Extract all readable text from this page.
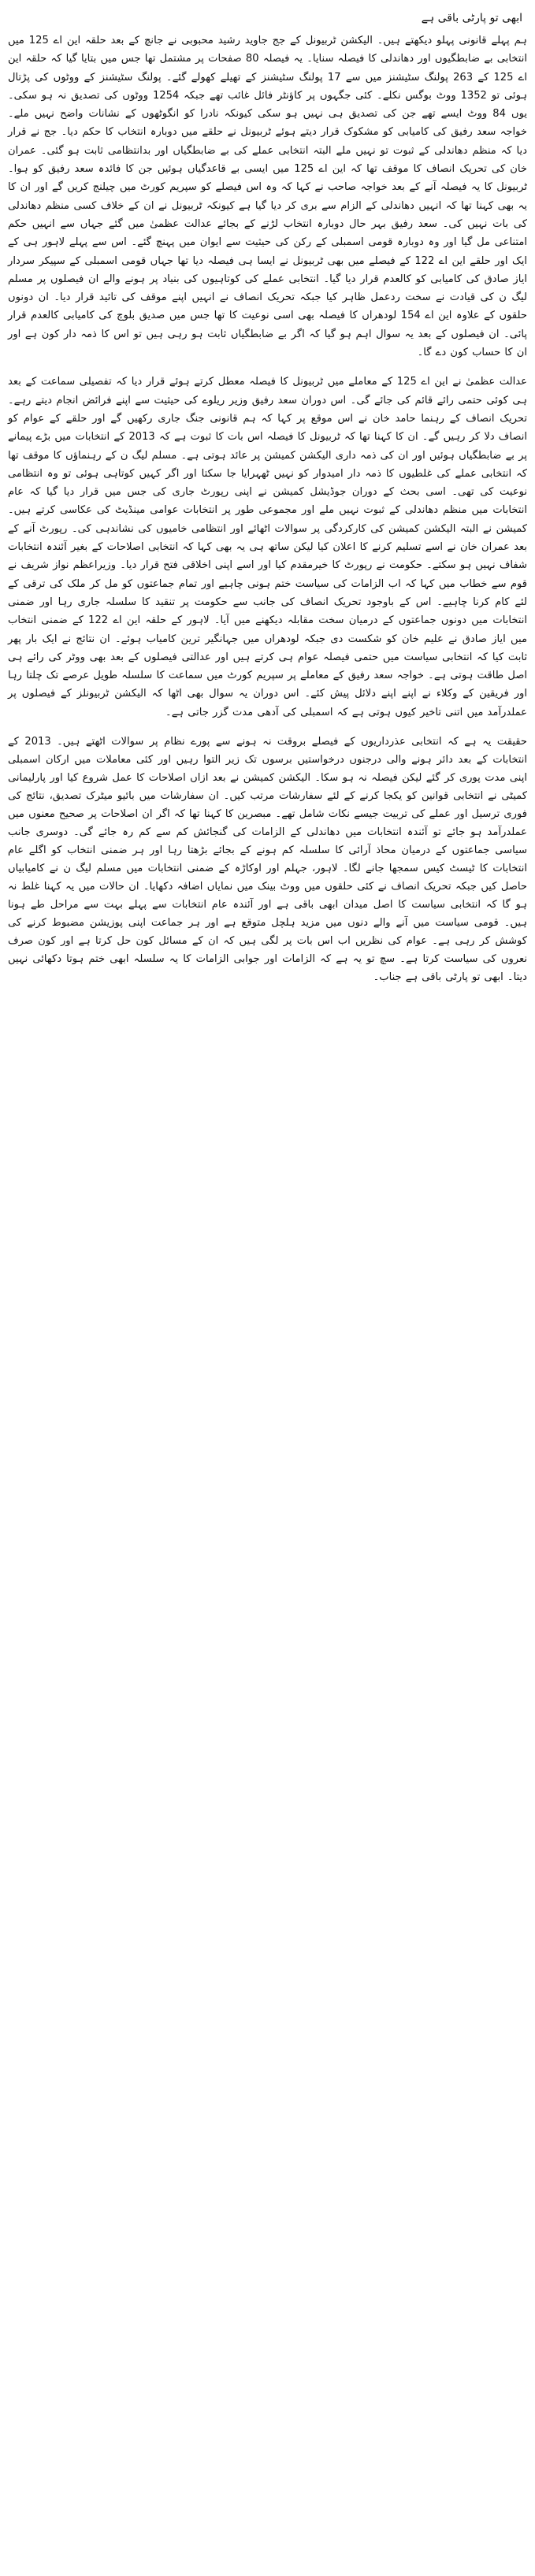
ابھی تو پارٹی باقی ہے

ہم پہلے قانونی پہلو دیکھتے ہیں۔ الیکشن ٹربیونل کے جج جاوید رشید محبوبی نے جانچ کے بعد حلقہ این اے 125 میں انتخابی بے ضابطگیوں اور دھاندلی کا فیصلہ سنایا۔ یہ فیصلہ 80 صفحات پر مشتمل تھا جس میں بتایا گیا کہ حلقہ این اے 125 کے 263 پولنگ سٹیشنز میں سے 17 پولنگ سٹیشنز کے تھیلے کھولے گئے۔ پولنگ سٹیشنز کے ووٹوں کی پڑتال ہوئی تو 1352 ووٹ بوگس نکلے۔ کئی جگہوں پر کاؤنٹر فائل غائب تھے جبکہ 1254 ووٹوں کی تصدیق نہ ہو سکی۔ یوں 84 ووٹ ایسے تھے جن کی تصدیق ہی نہیں ہو سکی کیونکہ نادرا کو انگوٹھوں کے نشانات واضح نہیں ملے۔ خواجہ سعد رفیق کی کامیابی کو مشکوک قرار دیتے ہوئے ٹربیونل نے حلقے میں دوبارہ انتخاب کا حکم دیا۔ جج نے قرار دیا کہ منظم دھاندلی کے ثبوت تو نہیں ملے البتہ انتخابی عملے کی بے ضابطگیاں اور بدانتظامی ثابت ہو گئی۔ عمران خان کی تحریک انصاف کا موقف تھا کہ این اے 125 میں ایسی بے قاعدگیاں ہوئیں جن کا فائدہ سعد رفیق کو ہوا۔ ٹربیونل کا یہ فیصلہ آنے کے بعد خواجہ صاحب نے کہا کہ وہ اس فیصلے کو سپریم کورٹ میں چیلنج کریں گے اور ان کا یہ بھی کہنا تھا کہ انہیں دھاندلی کے الزام سے بری کر دیا گیا ہے کیونکہ ٹربیونل نے ان کے خلاف کسی منظم دھاندلی کی بات نہیں کی۔ سعد رفیق بہر حال دوبارہ انتخاب لڑنے کے بجائے عدالت عظمیٰ میں گئے جہاں سے انہیں حکم امتناعی مل گیا اور وہ دوبارہ قومی اسمبلی کے رکن کی حیثیت سے ایوان میں پہنچ گئے۔ اس سے پہلے لاہور ہی کے ایک اور حلقے این اے 122 کے فیصلے میں بھی ٹربیونل نے ایسا ہی فیصلہ دیا تھا جہاں قومی اسمبلی کے سپیکر سردار ایاز صادق کی کامیابی کو کالعدم قرار دیا گیا۔ انتخابی عملے کی کوتاہیوں کی بنیاد پر ہونے والے ان فیصلوں پر مسلم لیگ ن کی قیادت نے سخت ردعمل ظاہر کیا جبکہ تحریک انصاف نے انہیں اپنے موقف کی تائید قرار دیا۔ ان دونوں حلقوں کے علاوہ این اے 154 لودھراں کا فیصلہ بھی اسی نوعیت کا تھا جس میں صدیق بلوچ کی کامیابی کالعدم قرار پائی۔ ان فیصلوں کے بعد یہ سوال اہم ہو گیا کہ اگر بے ضابطگیاں ثابت ہو رہی ہیں تو اس کا ذمہ دار کون ہے اور ان کا حساب کون دے گا۔

عدالت عظمیٰ نے این اے 125 کے معاملے میں ٹربیونل کا فیصلہ معطل کرتے ہوئے قرار دیا کہ تفصیلی سماعت کے بعد ہی کوئی حتمی رائے قائم کی جائے گی۔ اس دوران سعد رفیق وزیر ریلوے کی حیثیت سے اپنے فرائض انجام دیتے رہے۔ تحریک انصاف کے رہنما حامد خان نے اس موقع پر کہا کہ ہم قانونی جنگ جاری رکھیں گے اور حلقے کے عوام کو انصاف دلا کر رہیں گے۔ ان کا کہنا تھا کہ ٹربیونل کا فیصلہ اس بات کا ثبوت ہے کہ 2013 کے انتخابات میں بڑے پیمانے پر بے ضابطگیاں ہوئیں اور ان کی ذمہ داری الیکشن کمیشن پر عائد ہوتی ہے۔ مسلم لیگ ن کے رہنماؤں کا موقف تھا کہ انتخابی عملے کی غلطیوں کا ذمہ دار امیدوار کو نہیں ٹھہرایا جا سکتا اور اگر کہیں کوتاہی ہوئی تو وہ انتظامی نوعیت کی تھی۔ اسی بحث کے دوران جوڈیشل کمیشن نے اپنی رپورٹ جاری کی جس میں قرار دیا گیا کہ عام انتخابات میں منظم دھاندلی کے ثبوت نہیں ملے اور مجموعی طور پر انتخابات عوامی مینڈیٹ کی عکاسی کرتے ہیں۔ کمیشن نے البتہ الیکشن کمیشن کی کارکردگی پر سوالات اٹھائے اور انتظامی خامیوں کی نشاندہی کی۔ رپورٹ آنے کے بعد عمران خان نے اسے تسلیم کرنے کا اعلان کیا لیکن ساتھ ہی یہ بھی کہا کہ انتخابی اصلاحات کے بغیر آئندہ انتخابات شفاف نہیں ہو سکتے۔ حکومت نے رپورٹ کا خیرمقدم کیا اور اسے اپنی اخلاقی فتح قرار دیا۔ وزیراعظم نواز شریف نے قوم سے خطاب میں کہا کہ اب الزامات کی سیاست ختم ہونی چاہیے اور تمام جماعتوں کو مل کر ملک کی ترقی کے لئے کام کرنا چاہیے۔ اس کے باوجود تحریک انصاف کی جانب سے حکومت پر تنقید کا سلسلہ جاری رہا اور ضمنی انتخابات میں دونوں جماعتوں کے درمیان سخت مقابلہ دیکھنے میں آیا۔ لاہور کے حلقہ این اے 122 کے ضمنی انتخاب میں ایاز صادق نے علیم خان کو شکست دی جبکہ لودھراں میں جہانگیر ترین کامیاب ہوئے۔ ان نتائج نے ایک بار پھر ثابت کیا کہ انتخابی سیاست میں حتمی فیصلہ عوام ہی کرتے ہیں اور عدالتی فیصلوں کے بعد بھی ووٹر کی رائے ہی اصل طاقت ہوتی ہے۔ خواجہ سعد رفیق کے معاملے پر سپریم کورٹ میں سماعت کا سلسلہ طویل عرصے تک چلتا رہا اور فریقین کے وکلاء نے اپنے اپنے دلائل پیش کئے۔ اس دوران یہ سوال بھی اٹھا کہ الیکشن ٹربیونلز کے فیصلوں پر عملدرآمد میں اتنی تاخیر کیوں ہوتی ہے کہ اسمبلی کی آدھی مدت گزر جاتی ہے۔

حقیقت یہ ہے کہ انتخابی عذرداریوں کے فیصلے بروقت نہ ہونے سے پورے نظام پر سوالات اٹھتے ہیں۔ 2013 کے انتخابات کے بعد دائر ہونے والی درجنوں درخواستیں برسوں تک زیر التوا رہیں اور کئی معاملات میں ارکان اسمبلی اپنی مدت پوری کر گئے لیکن فیصلہ نہ ہو سکا۔ الیکشن کمیشن نے بعد ازاں اصلاحات کا عمل شروع کیا اور پارلیمانی کمیٹی نے انتخابی قوانین کو یکجا کرنے کے لئے سفارشات مرتب کیں۔ ان سفارشات میں بائیو میٹرک تصدیق، نتائج کی فوری ترسیل اور عملے کی تربیت جیسے نکات شامل تھے۔ مبصرین کا کہنا تھا کہ اگر ان اصلاحات پر صحیح معنوں میں عملدرآمد ہو جائے تو آئندہ انتخابات میں دھاندلی کے الزامات کی گنجائش کم سے کم رہ جائے گی۔ دوسری جانب سیاسی جماعتوں کے درمیان محاذ آرائی کا سلسلہ کم ہونے کے بجائے بڑھتا رہا اور ہر ضمنی انتخاب کو اگلے عام انتخابات کا ٹیسٹ کیس سمجھا جانے لگا۔ لاہور، جہلم اور اوکاڑہ کے ضمنی انتخابات میں مسلم لیگ ن نے کامیابیاں حاصل کیں جبکہ تحریک انصاف نے کئی حلقوں میں ووٹ بینک میں نمایاں اضافہ دکھایا۔ ان حالات میں یہ کہنا غلط نہ ہو گا کہ انتخابی سیاست کا اصل میدان ابھی باقی ہے اور آئندہ عام انتخابات سے پہلے بہت سے مراحل طے ہونا ہیں۔ قومی سیاست میں آنے والے دنوں میں مزید ہلچل متوقع ہے اور ہر جماعت اپنی پوزیشن مضبوط کرنے کی کوشش کر رہی ہے۔ عوام کی نظریں اب اس بات پر لگی ہیں کہ ان کے مسائل کون حل کرتا ہے اور کون صرف نعروں کی سیاست کرتا ہے۔ سچ تو یہ ہے کہ الزامات اور جوابی الزامات کا یہ سلسلہ ابھی ختم ہوتا دکھائی نہیں دیتا۔ ابھی تو پارٹی باقی ہے جناب۔
